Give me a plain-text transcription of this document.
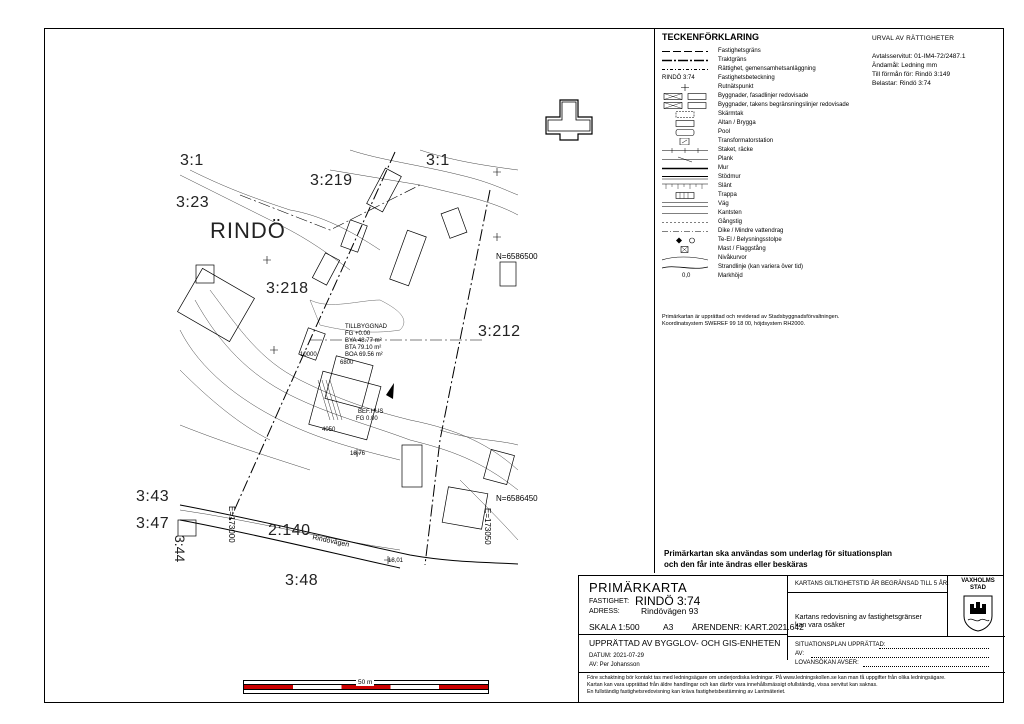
3:1
3:219
3:1
3:23
RINDÖ
3:218
3:212
3:43
3:47
3:44
2:140
3:48
N=6586500
N=6586450
E=173000	E=173050
Rindövägen
TILLBYGGNAD
FG +0.00
BYA 48.77 m²
BTA 79.10 m²
BOA 69.56 m²
BEF.HUS
FG 0.00
6800
4050
10000
18,76
18,01
TECKENFÖRKLARING
Fastighetsgräns
Traktgräns
Rättighet, gemensamhetsanläggning
RINDÖ 3:74	Fastighetsbeteckning
Rutnätspunkt
Byggnader, fasadlinjer redovisade
Byggnader, takens begränsningslinjer redovisade
Skärmtak
Altan / Brygga
Pool
Transformatorstation
Staket, räcke
Plank
Mur
Stödmur
Slänt
Trappa
Väg
Kantsten
Gångstig
Dike / Mindre vattendrag
Te-El / Belysningsstolpe
Mast / Flaggstång
Nivåkurvor
Strandlinje (kan variera över tid)
0,0	Markhöjd
Primärkartan är upprättad och reviderad av Stadsbyggnadsförvaltningen.
Koordinatsystem SWEREF 99 18 00, höjdsystem RH2000.
URVAL AV RÄTTIGHETER
Avtalsservitut: 01-IM4-72/2487.1
Ändamål: Ledning mm
Till förmån för: Rindö 3:149
Belastar: Rindö 3:74
Primärkartan ska användas som underlag för situationsplan
och den får inte ändras eller beskäras
PRIMÄRKARTA
FASTIGHET: RINDÖ 3:74
ADRESS:	Rindövägen 93
SKALA 1:500	A3 ÄRENDENR: KART.2021.642
UPPRÄTTAD AV BYGGLOV- OCH GIS-ENHETEN
DATUM: 2021-07-29
AV: Per Johansson
KARTANS GILTIGHETSTID ÄR BEGRÄNSAD TILL 5 ÅR.
Kartans redovisning av fastighetsgränser
kan vara osäker
VAXHOLMS
STAD
SITUATIONSPLAN UPPRÄTTAD:
AV:
LOVANSÖKAN AVSER:
Före schaktning bör kontakt tas med ledningsägare om underjordiska ledningar. På www.ledningskollen.se kan man få uppgifter från olika ledningsägare.
Kartan kan vara upprättad från äldre handlingar och kan därför vara innehållsmässigt ofullständig, vissa servitut kan saknas.
En fullständig fastighetsredovisning kan kräva fastighetsbestämning av Lantmäteriet.
50 m
